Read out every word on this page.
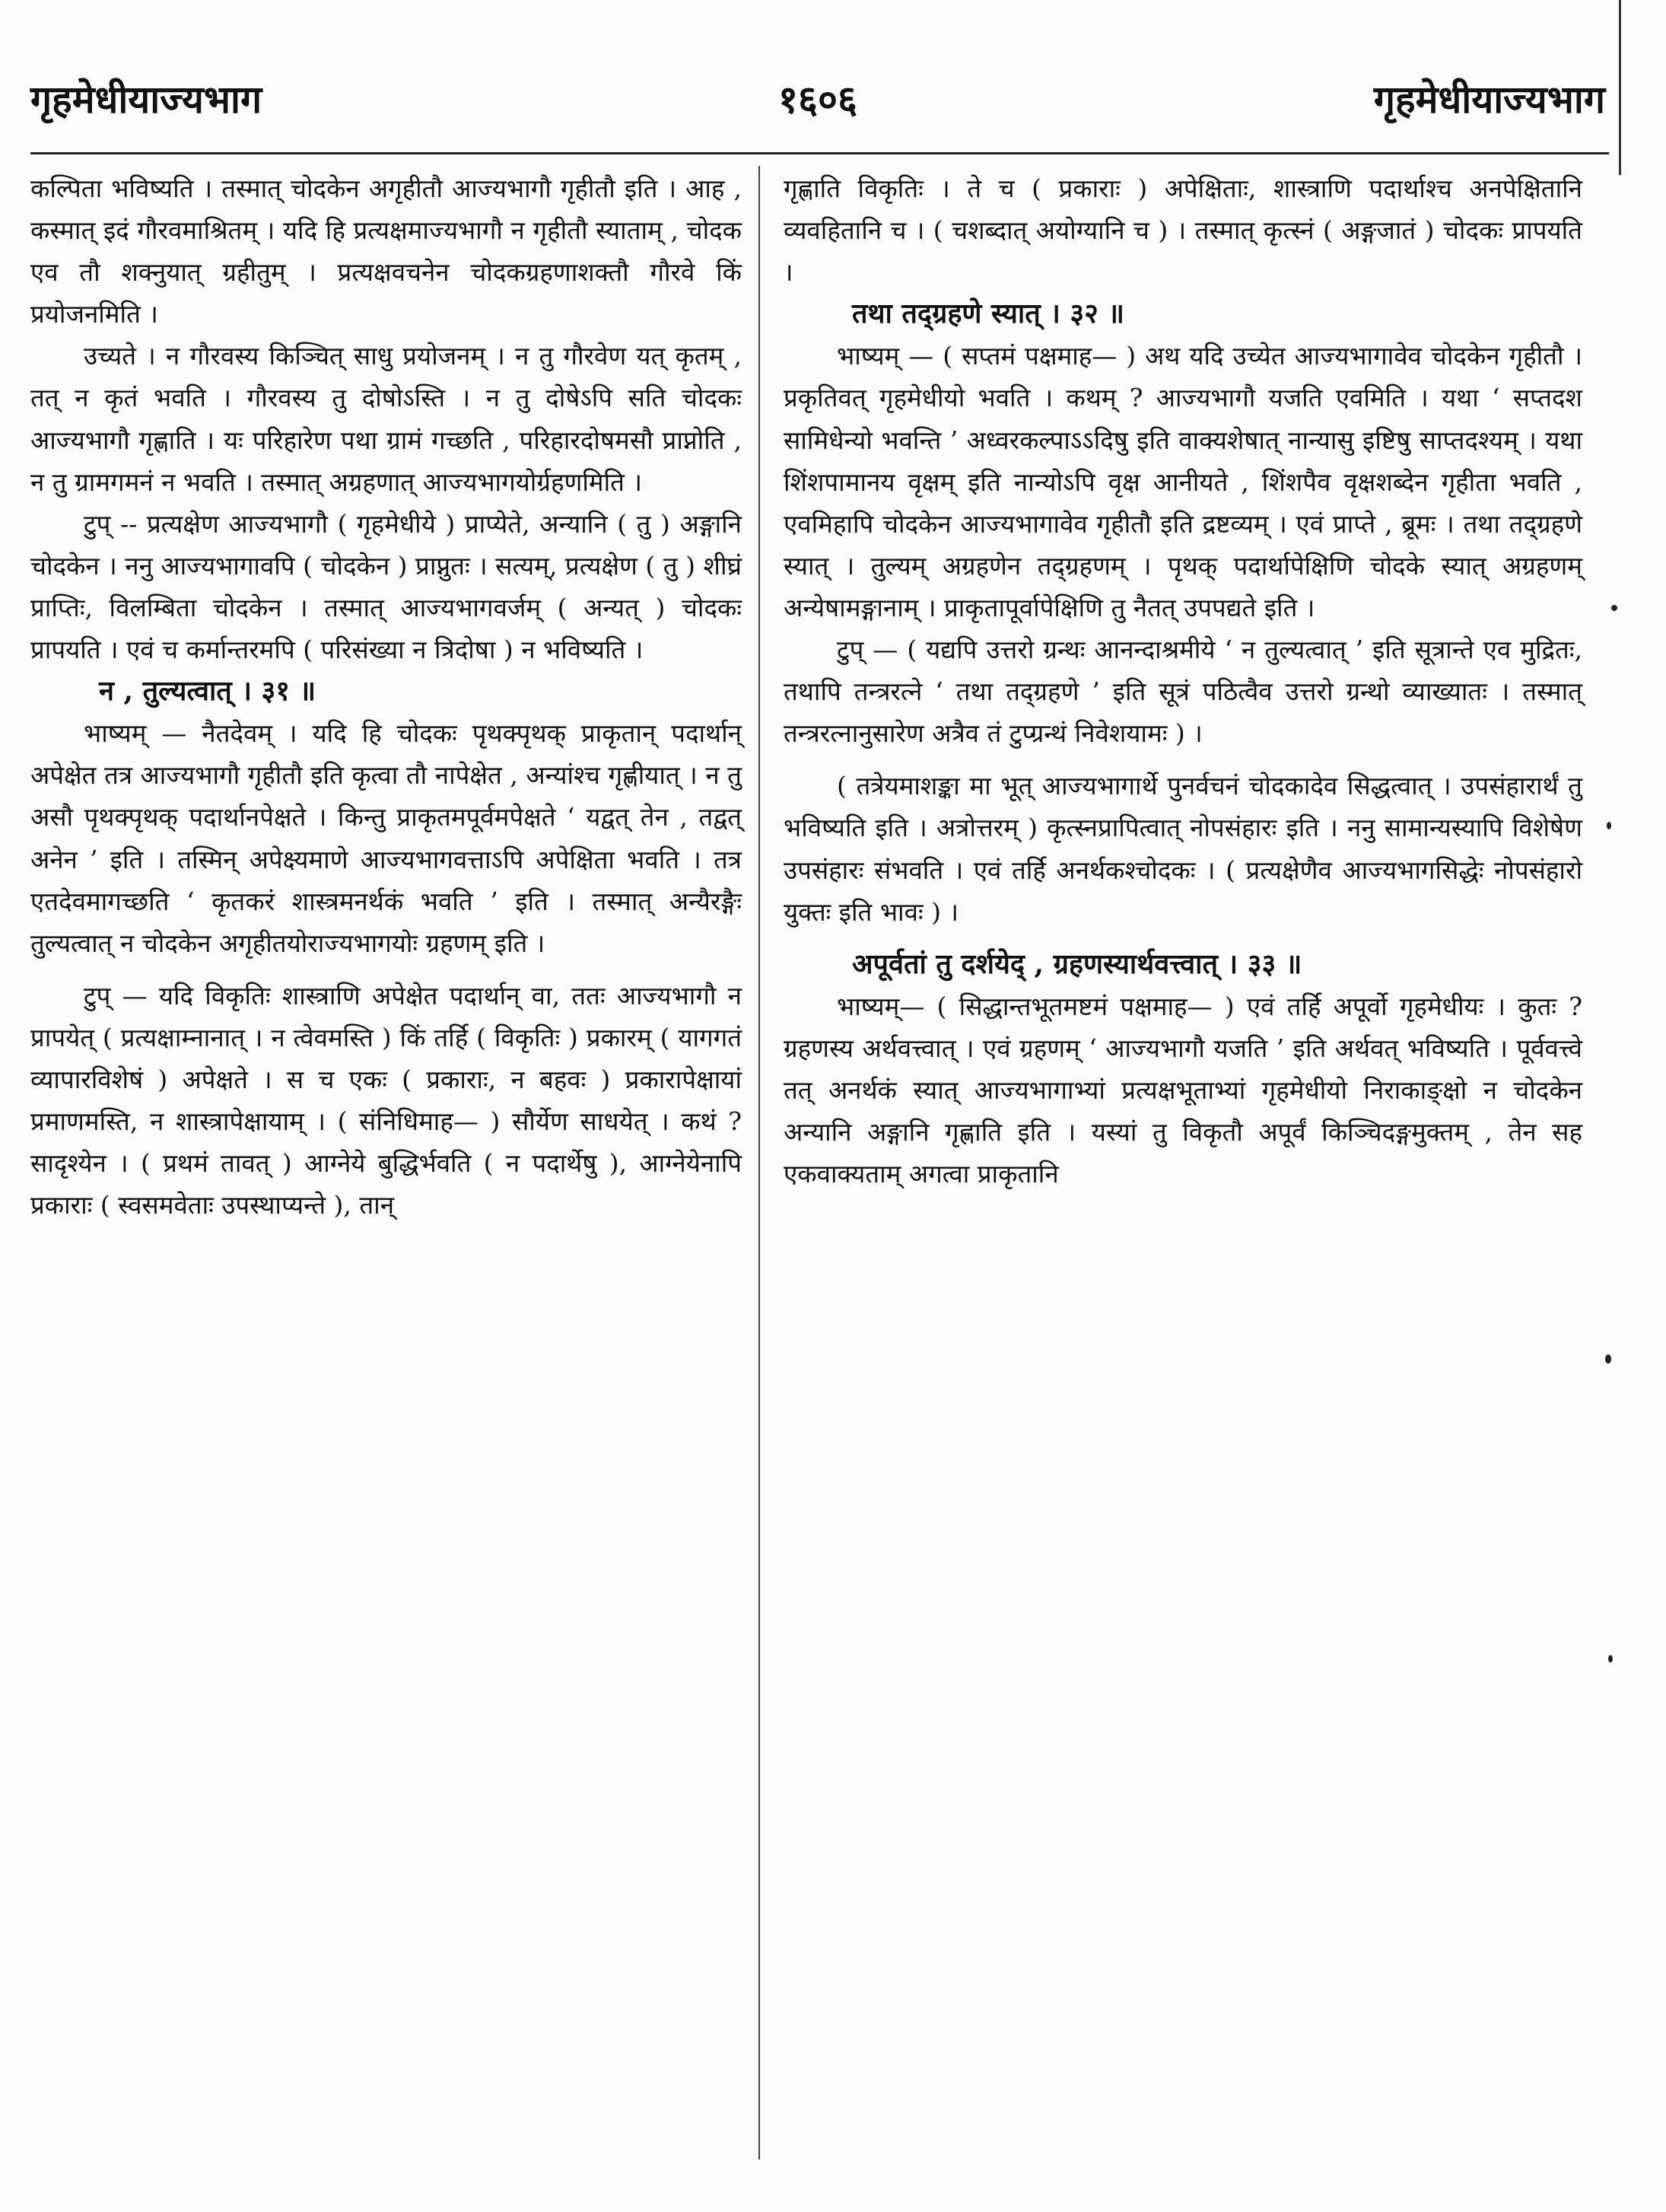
गृहमेधीयाज्यभाग	१६०६	गृहमेधीयाज्यभाग

कल्पिता भविष्यति । तस्मात् चोदकेन अगृहीतौ आज्यभागौ गृहीतौ इति । आह , कस्मात् इदं गौरवमाश्रितम् । यदि हि प्रत्यक्षमाज्यभागौ न गृहीतौ स्याताम् , चोदक एव तौ शक्नुयात् ग्रहीतुम् । प्रत्यक्षवचनेन चोदकग्रहणाशक्तौ गौरवे किं प्रयोजनमिति ।

उच्यते । न गौरवस्य किञ्चित् साधु प्रयोजनम् । न तु गौरवेण यत् कृतम् , तत् न कृतं भवति । गौरवस्य तु दोषोऽस्ति । न तु दोषेऽपि सति चोदकः आज्यभागौ गृह्णाति । यः परिहारेण पथा ग्रामं गच्छति , परिहारदोषमसौ प्राप्नोति , न तु ग्रामगमनं न भवति । तस्मात् अग्रहणात् आज्यभागयोर्ग्रहणमिति ।

टुप् -- प्रत्यक्षेण आज्यभागौ ( गृहमेधीये ) प्राप्येते, अन्यानि ( तु ) अङ्गानि चोदकेन । ननु आज्यभागावपि ( चोदकेन ) प्राप्नुतः । सत्यम्, प्रत्यक्षेण ( तु ) शीघ्रं प्राप्तिः, विलम्बिता चोदकेन । तस्मात् आज्यभागवर्जम् ( अन्यत् ) चोदकः प्रापयति । एवं च कर्मान्तरमपि ( परिसंख्या न त्रिदोषा ) न भविष्यति ।

न , तुल्यत्वात् । ३१ ॥

भाष्यम् — नैतदेवम् । यदि हि चोदकः पृथक्पृथक् प्राकृतान् पदार्थान् अपेक्षेत तत्र आज्यभागौ गृहीतौ इति कृत्वा तौ नापेक्षेत , अन्यांश्च गृह्णीयात् । न तु असौ पृथक्पृथक् पदार्थानपेक्षते । किन्तु प्राकृतमपूर्वमपेक्षते ‘ यद्वत् तेन , तद्वत् अनेन ’ इति । तस्मिन् अपेक्ष्यमाणे आज्यभागवत्ताऽपि अपेक्षिता भवति । तत्र एतदेवमागच्छति ‘ कृतकरं शास्त्रमनर्थकं भवति ’ इति । तस्मात् अन्यैरङ्गैः तुल्यत्वात् न चोदकेन अगृहीतयोराज्यभागयोः ग्रहणम् इति ।

टुप् — यदि विकृतिः शास्त्राणि अपेक्षेत पदार्थान् वा, ततः आज्यभागौ न प्रापयेत् ( प्रत्यक्षाम्नानात् । न त्वेवमस्ति ) किं तर्हि ( विकृतिः ) प्रकारम् ( यागगतं व्यापारविशेषं ) अपेक्षते । स च एकः ( प्रकाराः, न बहवः ) प्रकारापेक्षायां प्रमाणमस्ति, न शास्त्रापेक्षायाम् । ( संनिधिमाह— ) सौर्येण साधयेत् । कथं ? सादृश्येन । ( प्रथमं तावत् ) आग्नेये बुद्धिर्भवति ( न पदार्थेषु ), आग्नेयेनापि प्रकाराः ( स्वसमवेताः उपस्थाप्यन्ते ), तान्

गृह्णाति विकृतिः । ते च ( प्रकाराः ) अपेक्षिताः, शास्त्राणि पदार्थाश्च अनपेक्षितानि व्यवहितानि च । ( चशब्दात् अयोग्यानि च ) । तस्मात् कृत्स्नं ( अङ्गजातं ) चोदकः प्रापयति ।

तथा तद्ग्रहणे स्यात् । ३२ ॥

भाष्यम् — ( सप्तमं पक्षमाह— ) अथ यदि उच्येत आज्यभागावेव चोदकेन गृहीतौ । प्रकृतिवत् गृहमेधीयो भवति । कथम् ? आज्यभागौ यजति एवमिति । यथा ‘ सप्तदश सामिधेन्यो भवन्ति ’ अध्वरकल्पाऽऽदिषु इति वाक्यशेषात् नान्यासु इष्टिषु साप्तदश्यम् । यथा शिंशपामानय वृक्षम् इति नान्योऽपि वृक्ष आनीयते , शिंशपैव वृक्षशब्देन गृहीता भवति , एवमिहापि चोदकेन आज्यभागावेव गृहीतौ इति द्रष्टव्यम् । एवं प्राप्ते , ब्रूमः । तथा तद्ग्रहणे स्यात् । तुल्यम् अग्रहणेन तद्ग्रहणम् । पृथक् पदार्थापेक्षिणि चोदके स्यात् अग्रहणम् अन्येषामङ्गानाम् । प्राकृतापूर्वापेक्षिणि तु नैतत् उपपद्यते इति ।

टुप् — ( यद्यपि उत्तरो ग्रन्थः आनन्दाश्रमीये ‘ न तुल्यत्वात् ’ इति सूत्रान्ते एव मुद्रितः, तथापि तन्त्ररत्ने ‘ तथा तद्ग्रहणे ’ इति सूत्रं पठित्वैव उत्तरो ग्रन्थो व्याख्यातः । तस्मात् तन्त्ररत्नानुसारेण अत्रैव तं टुप्ग्रन्थं निवेशयामः ) ।

( तत्रेयमाशङ्का मा भूत् आज्यभागार्थे पुनर्वचनं चोदकादेव सिद्धत्वात् । उपसंहारार्थं तु भविष्यति इति । अत्रोत्तरम् ) कृत्स्नप्रापित्वात् नोपसंहारः इति । ननु सामान्यस्यापि विशेषेण उपसंहारः संभवति । एवं तर्हि अनर्थकश्चोदकः । ( प्रत्यक्षेणैव आज्यभागसिद्धेः नोपसंहारो युक्तः इति भावः ) ।

अपूर्वतां तु दर्शयेद् , ग्रहणस्यार्थवत्त्वात् । ३३ ॥

भाष्यम्— ( सिद्धान्तभूतमष्टमं पक्षमाह— ) एवं तर्हि अपूर्वो गृहमेधीयः । कुतः ? ग्रहणस्य अर्थवत्त्वात् । एवं ग्रहणम् ‘ आज्यभागौ यजति ’ इति अर्थवत् भविष्यति । पूर्ववत्त्वे तत् अनर्थकं स्यात् आज्यभागाभ्यां प्रत्यक्षभूताभ्यां गृहमेधीयो निराकाङ्क्षो न चोदकेन अन्यानि अङ्गानि गृह्णाति इति । यस्यां तु विकृतौ अपूर्वं किञ्चिदङ्गमुक्तम् , तेन सह एकवाक्यताम् अगत्वा प्राकृतानि
